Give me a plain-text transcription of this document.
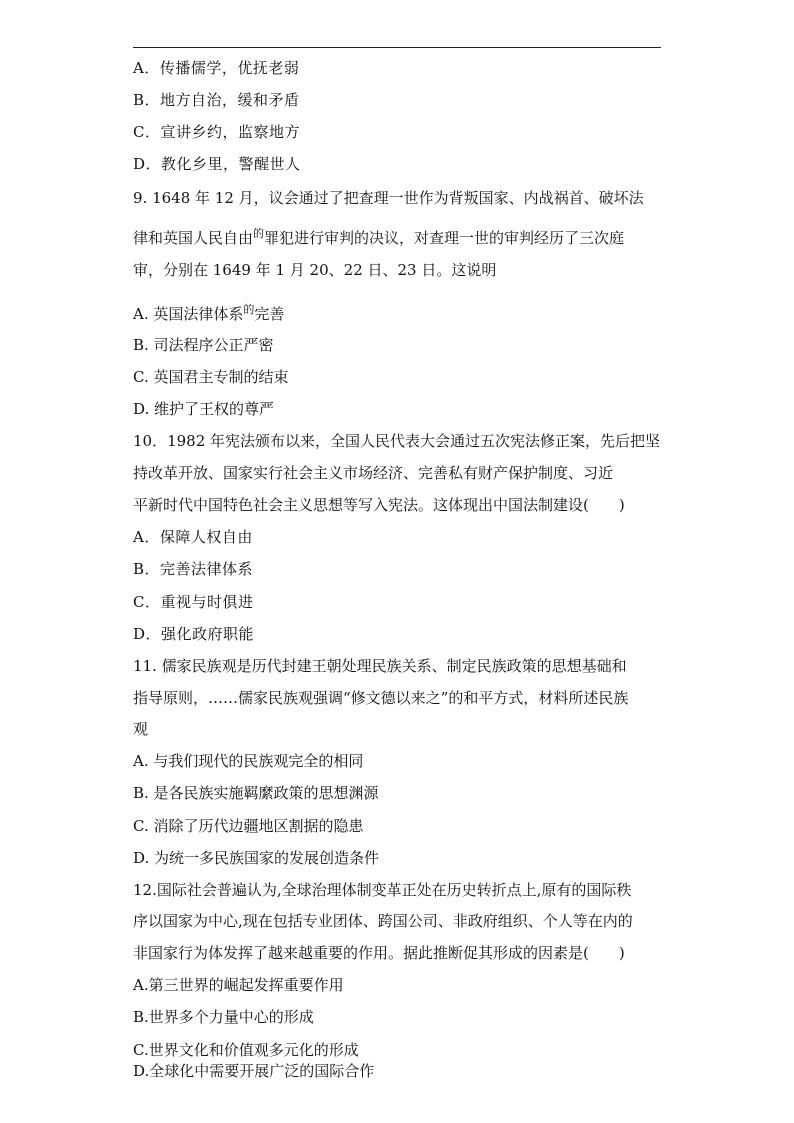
A．传播儒学，优抚老弱
B．地方自治，缓和矛盾
C．宣讲乡约，监察地方
D．教化乡里，警醒世人
9. 1648 年 12 月，议会通过了把查理一世作为背叛国家、内战祸首、破坏法
律和英国人民自由$^的$罪犯进行审判的决议，对查理一世的审判经历了三次庭
审，分别在 1649 年 1 月 20、22 日、23 日。这说明
A. 英国法律体系$^的$完善
B. 司法程序公正严密
C. 英国君主专制的结束
D. 维护了王权的尊严
10．1982 年宪法颁布以来，全国人民代表大会通过五次宪法修正案，先后把坚
持改革开放、国家实行社会主义市场经济、完善私有财产保护制度、习近
平新时代中国特色社会主义思想等写入宪法。这体现出中国法制建设(　　)
A．保障人权自由
B．完善法律体系
C．重视与时俱进
D．强化政府职能
11. 儒家民族观是历代封建王朝处理民族关系、制定民族政策的思想基础和
指导原则，……儒家民族观强调“修文德以来之”的和平方式，材料所述民族
观
A. 与我们现代的民族观完全的相同
B. 是各民族实施羁縻政策的思想渊源
C. 消除了历代边疆地区割据的隐患
D. 为统一多民族国家的发展创造条件
12.国际社会普遍认为,全球治理体制变革正处在历史转折点上,原有的国际秩
序以国家为中心,现在包括专业团体、跨国公司、非政府组织、个人等在内的
非国家行为体发挥了越来越重要的作用。据此推断促其形成的因素是(　　)
A.第三世界的崛起发挥重要作用
B.世界多个力量中心的形成
C.世界文化和价值观多元化的形成
D.全球化中需要开展广泛的国际合作
